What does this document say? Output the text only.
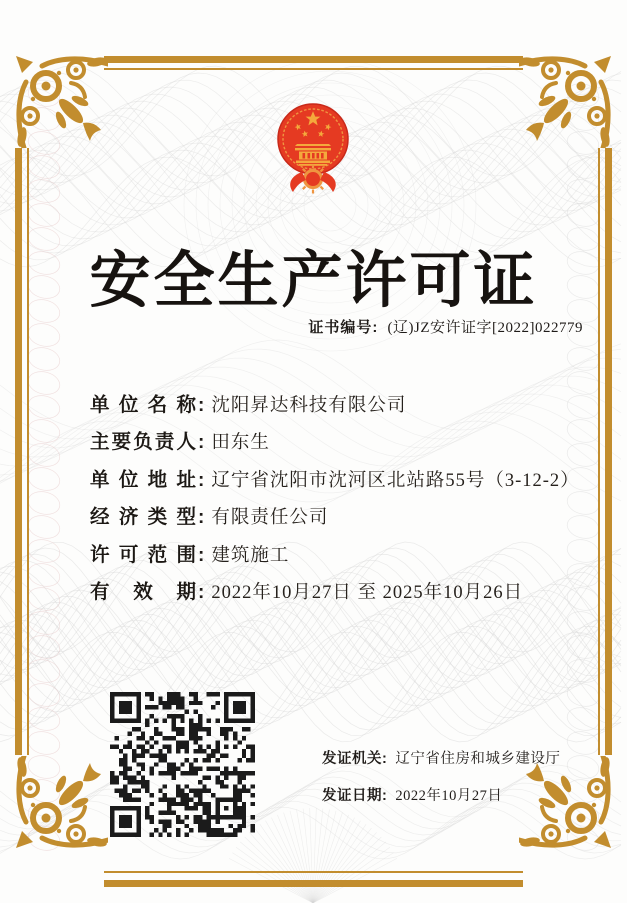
安全生产许可证
证书编号: (辽)JZ安许证字[2022]022779
单 位 名 称 : 沈阳昇达科技有限公司
主 要 负 责 人 : 田东生
单 位 地 址 : 辽宁省沈阳市沈河区北站路55号（3-12-2）
经 济 类 型 : 有限责任公司
许 可 范 围 : 建筑施工
有 效 期 : 2022年10月27日 至 2025年10月26日
发证机关: 辽宁省住房和城乡建设厅
发证日期: 2022年10月27日
